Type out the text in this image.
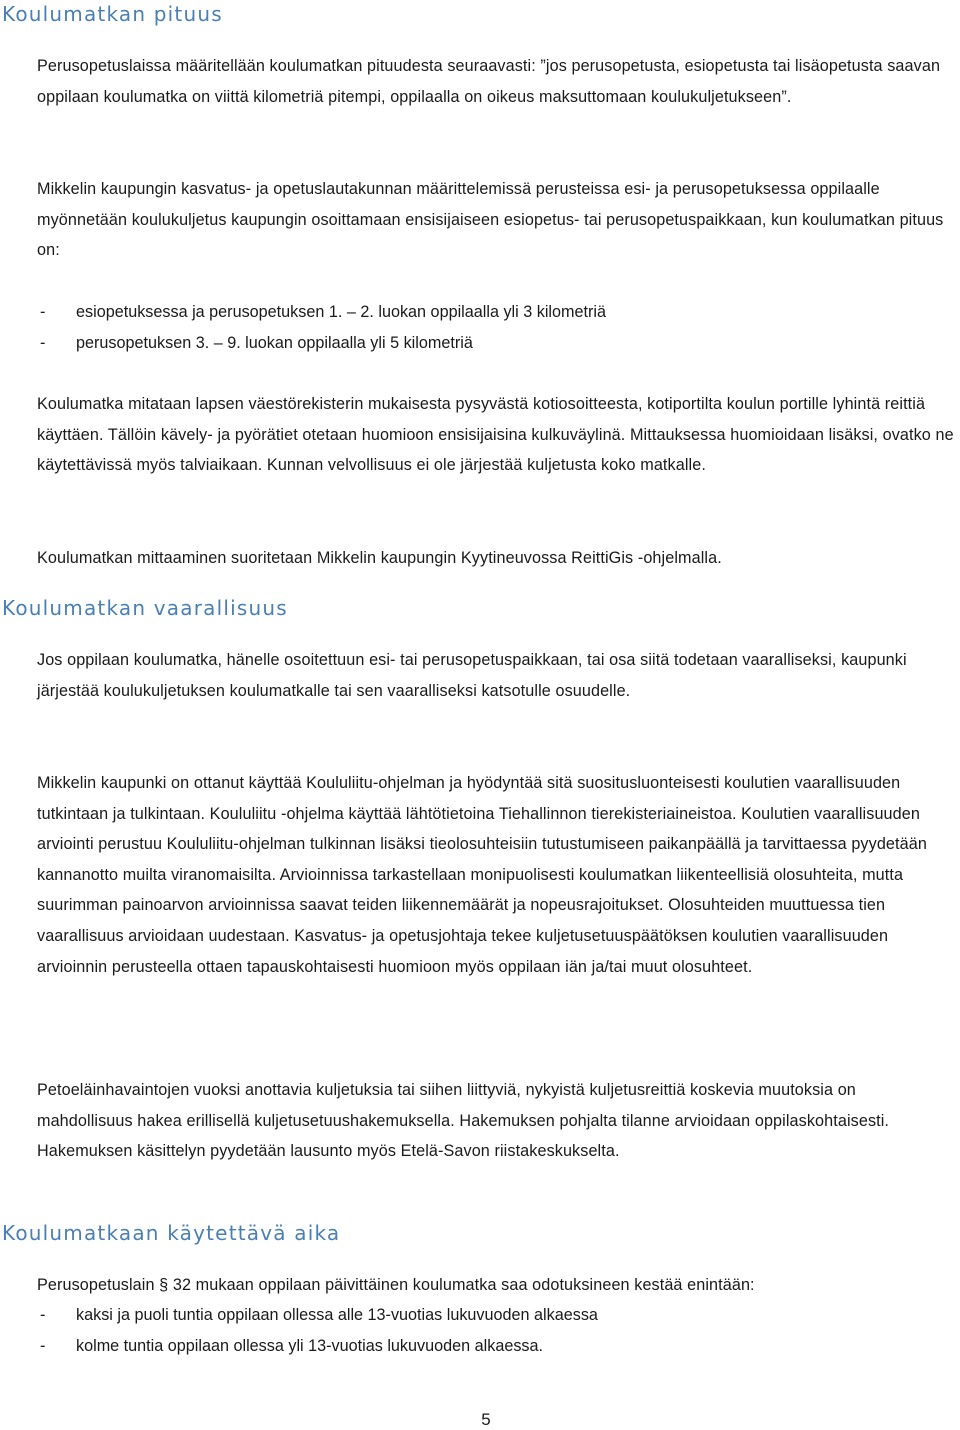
Koulumatkan pituus

Perusopetuslaissa määritellään koulumatkan pituudesta seuraavasti: ”jos perusopetusta, esiopetusta tai lisäopetusta saavan oppilaan koulumatka on viittä kilometriä pitempi, oppilaalla on oikeus maksuttomaan koulukuljetukseen”.

Mikkelin kaupungin kasvatus- ja opetuslautakunnan määrittelemissä perusteissa esi- ja perusopetuksessa oppilaalle myönnetään koulukuljetus kaupungin osoittamaan ensisijaiseen esiopetus- tai perusopetuspaikkaan, kun koulumatkan pituus on:

- esiopetuksessa ja perusopetuksen 1. – 2. luokan oppilaalla yli 3 kilometriä
- perusopetuksen 3. – 9. luokan oppilaalla yli 5 kilometriä

Koulumatka mitataan lapsen väestörekisterin mukaisesta pysyvästä kotiosoitteesta, kotiportilta koulun portille lyhintä reittiä käyttäen. Tällöin kävely- ja pyörätiet otetaan huomioon ensisijaisina kulkuväylinä. Mittauksessa huomioidaan lisäksi, ovatko ne käytettävissä myös talviaikaan. Kunnan velvollisuus ei ole järjestää kuljetusta koko matkalle.

Koulumatkan mittaaminen suoritetaan Mikkelin kaupungin Kyytineuvossa ReittiGis -ohjelmalla.

Koulumatkan vaarallisuus

Jos oppilaan koulumatka, hänelle osoitettuun esi- tai perusopetuspaikkaan, tai osa siitä todetaan vaaralliseksi, kaupunki järjestää koulukuljetuksen koulumatkalle tai sen vaaralliseksi katsotulle osuudelle.

Mikkelin kaupunki on ottanut käyttää Koululiitu-ohjelman ja hyödyntää sitä suositusluonteisesti koulutien vaarallisuuden tutkintaan ja tulkintaan. Koululiitu -ohjelma käyttää lähtötietoina Tiehallinnon tierekisteriaineistoa. Koulutien vaarallisuuden arviointi perustuu Koululiitu-ohjelman tulkinnan lisäksi tieolosuhteisiin tutustumiseen paikanpäällä ja tarvittaessa pyydetään kannanotto muilta viranomaisilta. Arvioinnissa tarkastellaan monipuolisesti koulumatkan liikenteellisiä olosuhteita, mutta suurimman painoarvon arvioinnissa saavat teiden liikennemäärät ja nopeusrajoitukset. Olosuhteiden muuttuessa tien vaarallisuus arvioidaan uudestaan. Kasvatus- ja opetusjohtaja tekee kuljetusetuuspäätöksen koulutien vaarallisuuden arvioinnin perusteella ottaen tapauskohtaisesti huomioon myös oppilaan iän ja/tai muut olosuhteet.

Petoeläinhavaintojen vuoksi anottavia kuljetuksia tai siihen liittyviä, nykyistä kuljetusreittiä koskevia muutoksia on mahdollisuus hakea erillisellä kuljetusetuushakemuksella. Hakemuksen pohjalta tilanne arvioidaan oppilaskohtaisesti. Hakemuksen käsittelyn pyydetään lausunto myös Etelä-Savon riistakeskukselta.

Koulumatkaan käytettävä aika

Perusopetuslain § 32 mukaan oppilaan päivittäinen koulumatka saa odotuksineen kestää enintään:

- kaksi ja puoli tuntia oppilaan ollessa alle 13-vuotias lukuvuoden alkaessa
- kolme tuntia oppilaan ollessa yli 13-vuotias lukuvuoden alkaessa.

5
